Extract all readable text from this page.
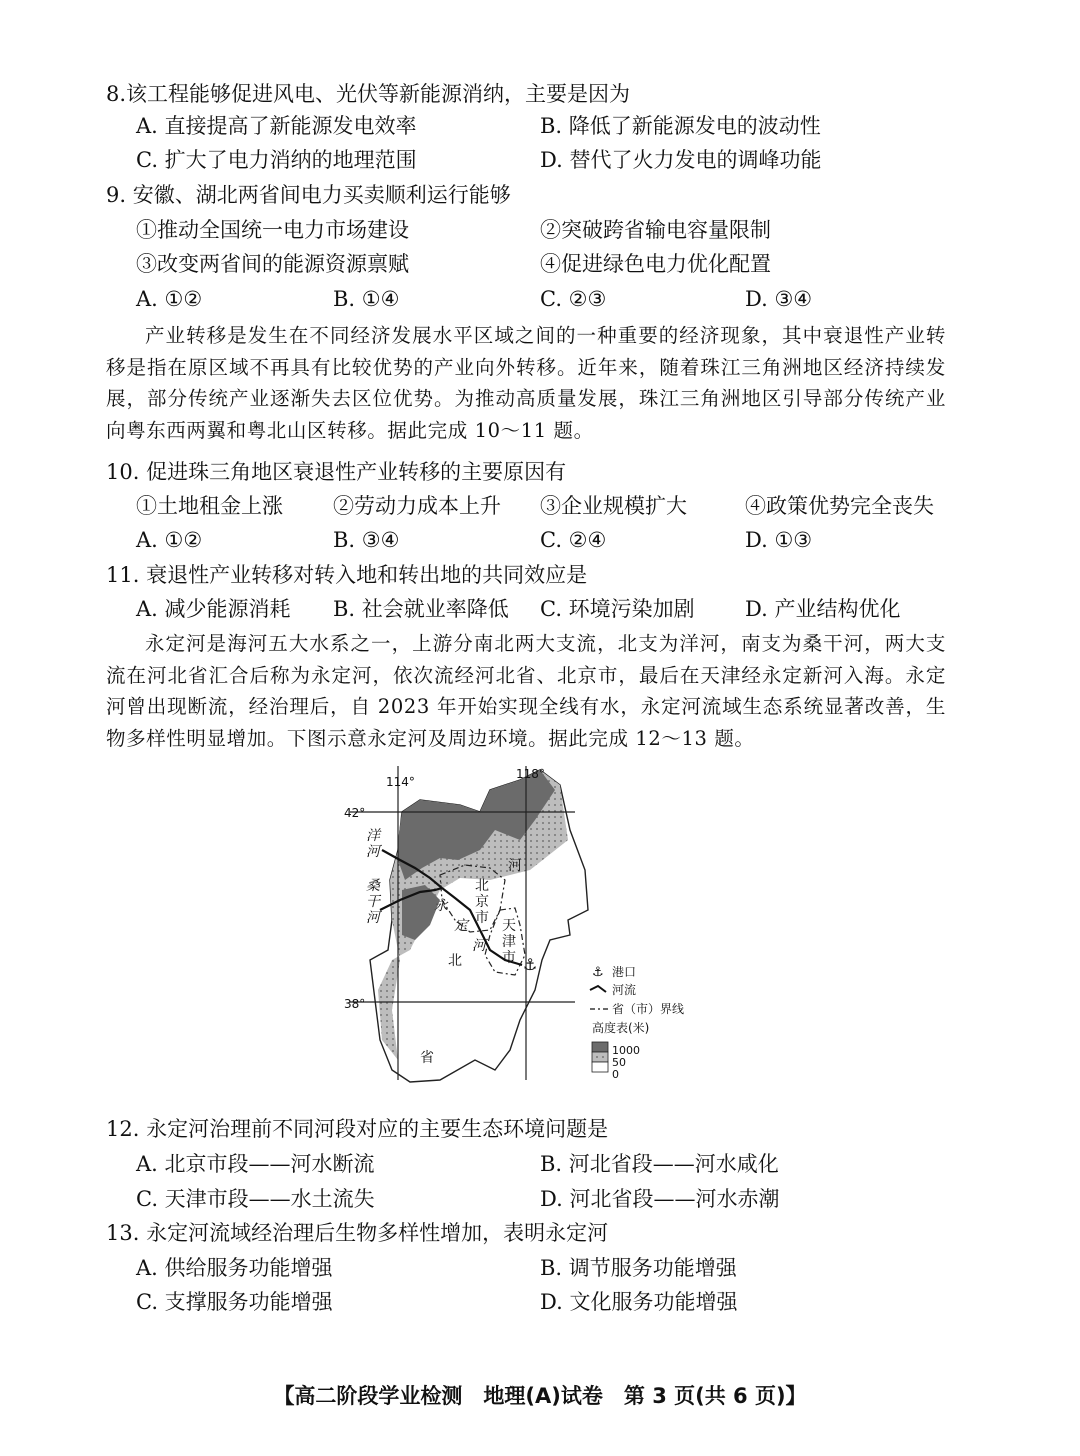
8.该工程能够促进风电、光伏等新能源消纳，主要是因为
A. 直接提高了新能源发电效率	B. 降低了新能源发电的波动性
C. 扩大了电力消纳的地理范围	D. 替代了火力发电的调峰功能
9. 安徽、湖北两省间电力买卖顺利运行能够
①推动全国统一电力市场建设	②突破跨省输电容量限制
③改变两省间的能源资源禀赋	④促进绿色电力优化配置
A. ①②	B. ①④	C. ②③	D. ③④
产业转移是发生在不同经济发展水平区域之间的一种重要的经济现象，其中衰退性产业转移是指在原区域不再具有比较优势的产业向外转移。近年来，随着珠江三角洲地区经济持续发展，部分传统产业逐渐失去区位优势。为推动高质量发展，珠江三角洲地区引导部分传统产业向粤东西两翼和粤北山区转移。据此完成 10～11 题。
10. 促进珠三角地区衰退性产业转移的主要原因有
①土地租金上涨 ②劳动力成本上升 ③企业规模扩大	④政策优势完全丧失
A. ①②	B. ③④	C. ②④	D. ①③
11. 衰退性产业转移对转入地和转出地的共同效应是
A. 减少能源消耗 B. 社会就业率降低 C. 环境污染加剧 D. 产业结构优化
永定河是海河五大水系之一，上游分南北两大支流，北支为洋河，南支为桑干河，两大支流在河北省汇合后称为永定河，依次流经河北省、北京市，最后在天津经永定新河入海。永定河曾出现断流，经治理后，自 2023 年开始实现全线有水，永定河流域生态系统显著改善，生物多样性明显增加。下图示意永定河及周边环境。据此完成 12～13 题。
⚓
114°
118°
42°
38°
洋
河
桑
干
河
永
定
河
北
京
市 天
津
市
河
北
省
⚓ 港口
河流
省（市）界线
高度表(米)
1000
50
0
12. 永定河治理前不同河段对应的主要生态环境问题是
A. 北京市段——河水断流	B. 河北省段——河水咸化
C. 天津市段——水土流失	D. 河北省段——河水赤潮
13. 永定河流域经治理后生物多样性增加，表明永定河
A. 供给服务功能增强	B. 调节服务功能增强
C. 支撑服务功能增强	D. 文化服务功能增强
【高二阶段学业检测　地理(A)试卷　第 3 页(共 6 页)】
